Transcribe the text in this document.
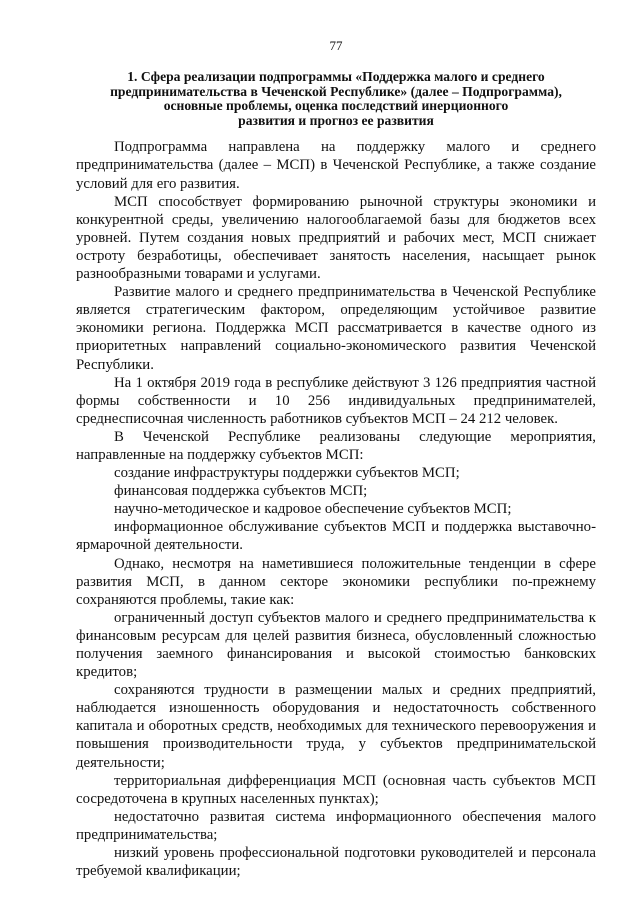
77
1. Сфера реализации подпрограммы «Поддержка малого и среднего
предпринимательства в Чеченской Республике» (далее – Подпрограмма),
основные проблемы, оценка последствий инерционного
развития и прогноз ее развития

Подпрограмма направлена на поддержку малого и среднего предпринимательства (далее – МСП) в Чеченской Республике, а также создание условий для его развития.

МСП способствует формированию рыночной структуры экономики и конкурентной среды, увеличению налогооблагаемой базы для бюджетов всех уровней. Путем создания новых предприятий и рабочих мест, МСП снижает остроту безработицы, обеспечивает занятость населения, насыщает рынок разнообразными товарами и услугами.

Развитие малого и среднего предпринимательства в Чеченской Республике является стратегическим фактором, определяющим устойчивое развитие экономики региона. Поддержка МСП рассматривается в качестве одного из приоритетных направлений социально-экономического развития Чеченской Республики.

На 1 октября 2019 года в республике действуют 3 126 предприятия частной формы собственности и 10 256 индивидуальных предпринимателей, среднесписочная численность работников субъектов МСП – 24 212 человек.

В Чеченской Республике реализованы следующие мероприятия, направленные на поддержку субъектов МСП:

создание инфраструктуры поддержки субъектов МСП;

финансовая поддержка субъектов МСП;

научно-методическое и кадровое обеспечение субъектов МСП;

информационное обслуживание субъектов МСП и поддержка выставочно-ярмарочной деятельности.

Однако, несмотря на наметившиеся положительные тенденции в сфере развития МСП, в данном секторе экономики республики по-прежнему сохраняются проблемы, такие как:

ограниченный доступ субъектов малого и среднего предпринимательства к финансовым ресурсам для целей развития бизнеса, обусловленный сложностью получения заемного финансирования и высокой стоимостью банковских кредитов;

сохраняются трудности в размещении малых и средних предприятий, наблюдается изношенность оборудования и недостаточность собственного капитала и оборотных средств, необходимых для технического перевооружения и повышения производительности труда, у субъектов предпринимательской деятельности;

территориальная дифференциация МСП (основная часть субъектов МСП сосредоточена в крупных населенных пунктах);

недостаточно развитая система информационного обеспечения малого предпринимательства;

низкий уровень профессиональной подготовки руководителей и персонала требуемой квалификации;
